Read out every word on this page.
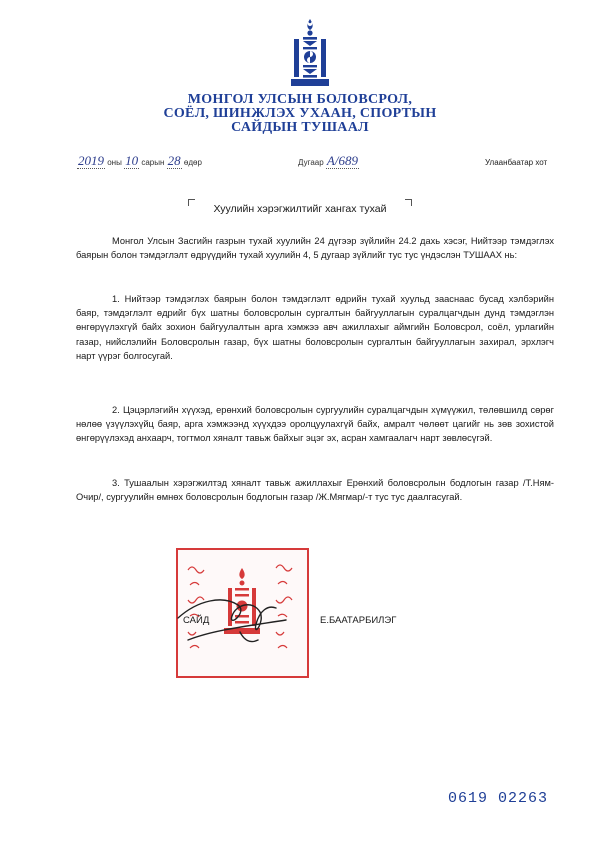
МОНГОЛ УЛСЫН БОЛОВСРОЛ,
СОЁЛ, ШИНЖЛЭХ УХААН, СПОРТЫН
САЙДЫН ТУШААЛ
2019 оны 10 сарын 28 өдөр	Дугаар А/689	Улаанбаатар хот
Хуулийн хэрэгжилтийг хангах тухай
Монгол Улсын Засгийн газрын тухай хуулийн 24 дүгээр зүйлийн 24.2 дахь хэсэг, Нийтээр тэмдэглэх баярын болон тэмдэглэлт өдрүүдийн тухай хуулийн 4, 5 дугаар зүйлийг тус тус үндэслэн ТУШААХ нь:
1. Нийтээр тэмдэглэх баярын болон тэмдэглэлт өдрийн тухай хуульд зааснаас бусад хэлбэрийн баяр, тэмдэглэлт өдрийг бүх шатны боловсролын сургалтын байгууллагын суралцагчдын дунд тэмдэглэн өнгөрүүлэхгүй байх зохион байгуулалтын арга хэмжээ авч ажиллахыг аймгийн Боловсрол, соёл, урлагийн газар, нийслэлийн Боловсролын газар, бүх шатны боловсролын сургалтын байгууллагын захирал, эрхлэгч нарт үүрэг болгосугай.
2. Цэцэрлэгийн хүүхэд, ерөнхий боловсролын сургуулийн суралцагчдын хүмүүжил, төлөвшилд сөрөг нөлөө үзүүлэхүйц баяр, арга хэмжээнд хүүхдээ оролцуулахгүй байх, амралт чөлөөт цагийг нь зөв зохистой өнгөрүүлэхэд анхаарч, тогтмол хяналт тавьж байхыг эцэг эх, асран хамгаалагч нарт зөвлөсүгэй.
3. Тушаалын хэрэгжилтэд хяналт тавьж ажиллахыг Ерөнхий боловсролын бодлогын газар /Т.Ням-Очир/, сургуулийн өмнөх боловсролын бодлогын газар /Ж.Мягмар/-т тус тус даалгасугай.
САЙД	Е.БААТАРБИЛЭГ
0619 02263
